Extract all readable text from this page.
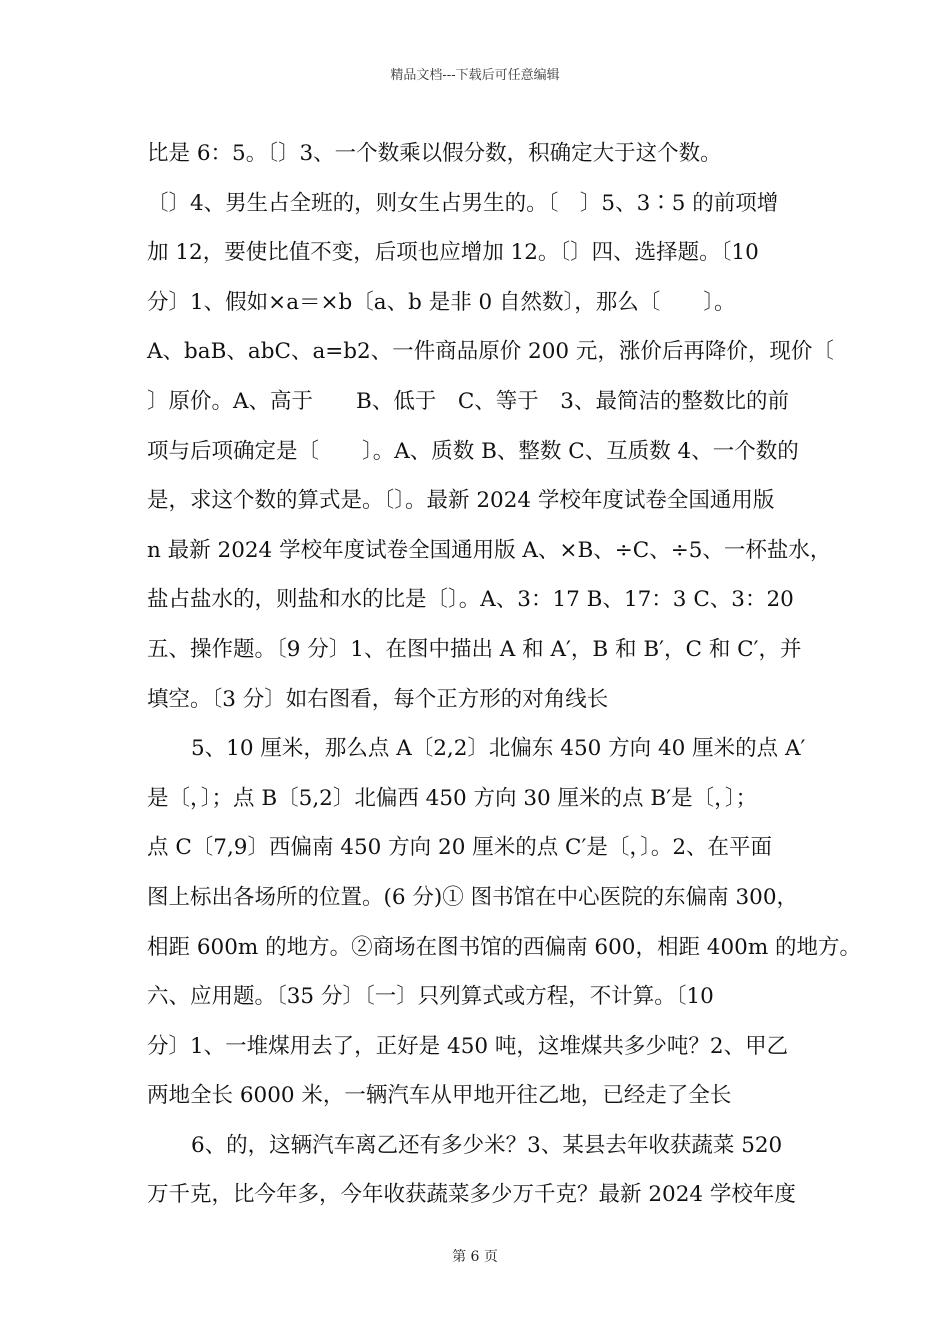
精品文档---下载后可任意编辑
比是 6：5。〔〕3、一个数乘以假分数，积确定大于这个数。
〔〕4、男生占全班的，则女生占男生的。〔　〕5、3∶5 的前项增
加 12，要使比值不变，后项也应增加 12。〔〕四、选择题。〔10
分〕1、假如×a＝×b〔a、b 是非 0 自然数〕，那么〔　　〕。
A、baB、abC、a=b2、一件商品原价 200 元，涨价后再降价，现价〔
〕原价。A、高于　　B、低于　C、等于　3、最简洁的整数比的前
项与后项确定是〔　　〕。A、质数 B、整数 C、互质数 4、一个数的
是，求这个数的算式是。〔〕。最新 2024 学校年度试卷全国通用版
n 最新 2024 学校年度试卷全国通用版 A、×B、÷C、÷5、一杯盐水，
盐占盐水的，则盐和水的比是〔〕。A、3：17 B、17：3 C、3：20
五、操作题。〔9 分〕1、在图中描出 A 和 A′，B 和 B′，C 和 C′，并
填空。〔3 分〕如右图看，每个正方形的对角线长
5、10 厘米，那么点 A〔2,2〕北偏东 450 方向 40 厘米的点 A′
是〔，〕；点 B〔5,2〕北偏西 450 方向 30 厘米的点 B′是〔，〕；
点 C〔7,9〕西偏南 450 方向 20 厘米的点 C′是〔，〕。2、在平面
图上标出各场所的位置。(6 分)① 图书馆在中心医院的东偏南 300，
相距 600m 的地方。②商场在图书馆的西偏南 600，相距 400m 的地方。
六、应用题。〔35 分〕〔一〕只列算式或方程，不计算。〔10
分〕1、一堆煤用去了，正好是 450 吨，这堆煤共多少吨？2、甲乙
两地全长 6000 米，一辆汽车从甲地开往乙地，已经走了全长
6、的，这辆汽车离乙还有多少米？3、某县去年收获蔬菜 520
万千克，比今年多，今年收获蔬菜多少万千克？最新 2024 学校年度
第 6 页
